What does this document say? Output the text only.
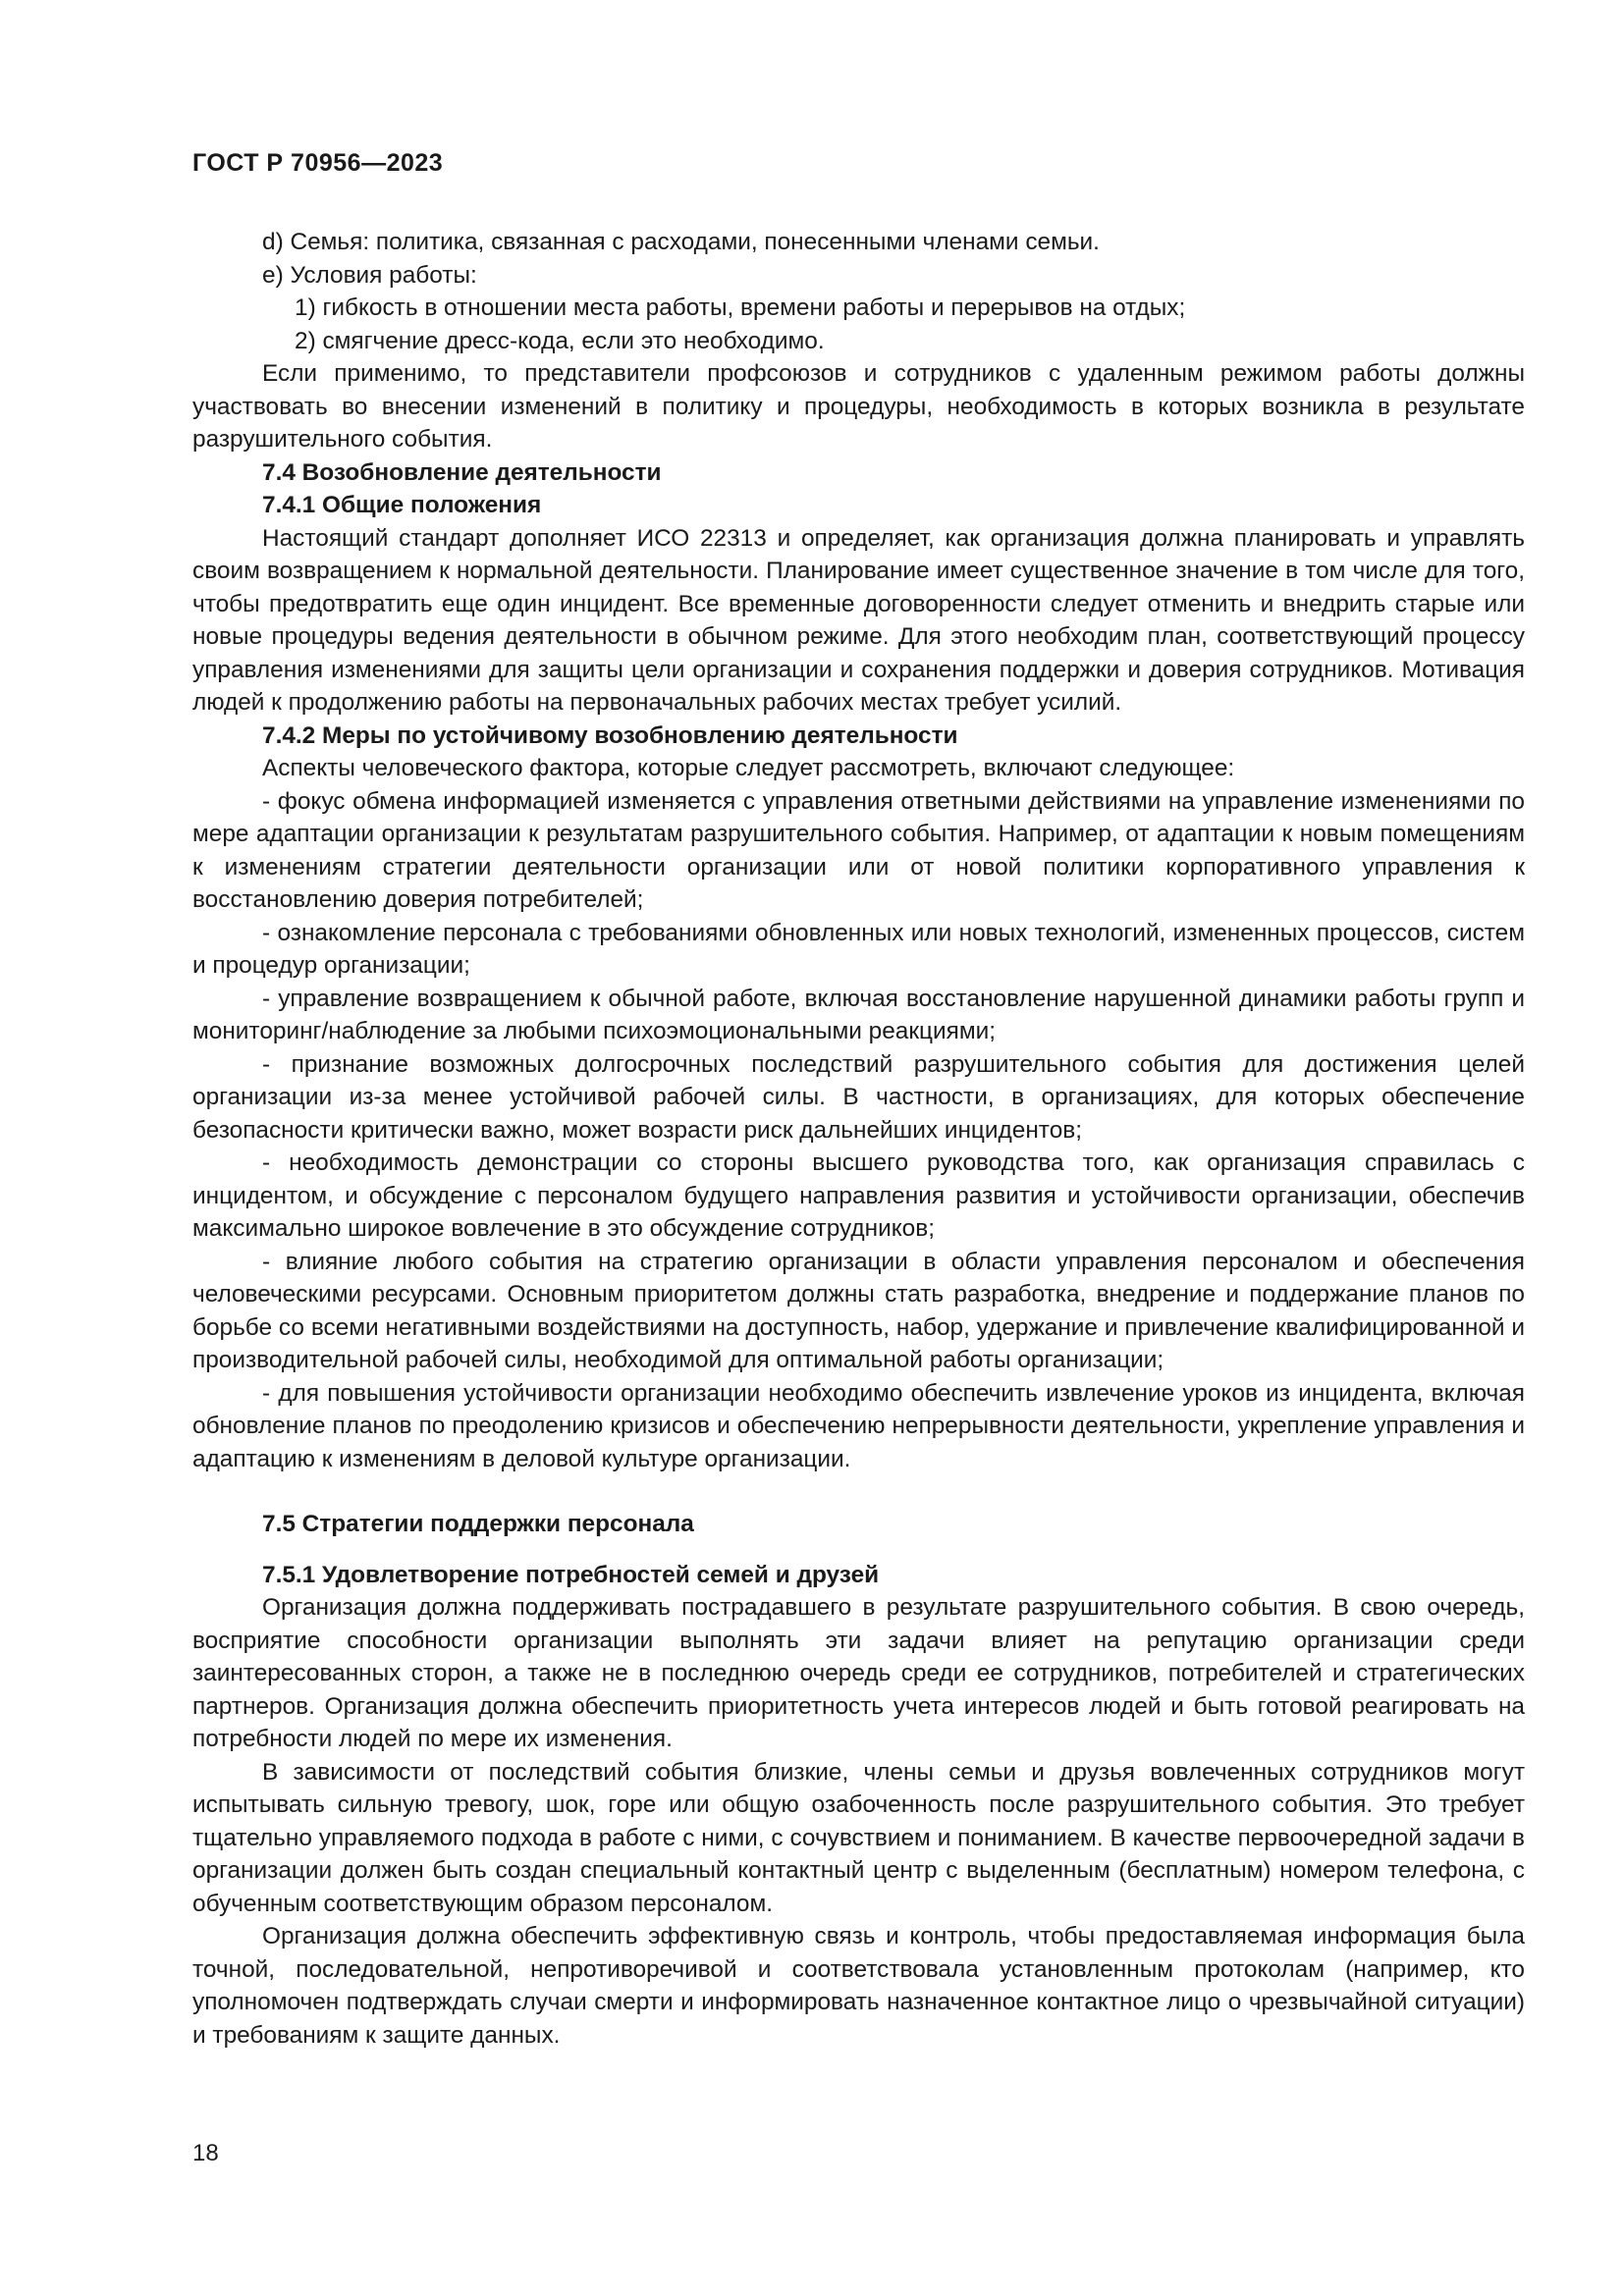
ГОСТ Р 70956—2023

d) Семья: политика, связанная с расходами, понесенными членами семьи.

e) Условия работы:

1) гибкость в отношении места работы, времени работы и перерывов на отдых;

2) смягчение дресс-кода, если это необходимо.

Если применимо, то представители профсоюзов и сотрудников с удаленным режимом работы должны участвовать во внесении изменений в политику и процедуры, необходимость в которых возникла в результате разрушительного события.

7.4 Возобновление деятельности

7.4.1 Общие положения

Настоящий стандарт дополняет ИСО 22313 и определяет, как организация должна планировать и управлять своим возвращением к нормальной деятельности. Планирование имеет существенное значение в том числе для того, чтобы предотвратить еще один инцидент. Все временные договоренности следует отменить и внедрить старые или новые процедуры ведения деятельности в обычном режиме. Для этого необходим план, соответствующий процессу управления изменениями для защиты цели организации и сохранения поддержки и доверия сотрудников. Мотивация людей к продолжению работы на первоначальных рабочих местах требует усилий.

7.4.2 Меры по устойчивому возобновлению деятельности

Аспекты человеческого фактора, которые следует рассмотреть, включают следующее:

- фокус обмена информацией изменяется с управления ответными действиями на управление изменениями по мере адаптации организации к результатам разрушительного события. Например, от адаптации к новым помещениям к изменениям стратегии деятельности организации или от новой политики корпоративного управления к восстановлению доверия потребителей;

- ознакомление персонала с требованиями обновленных или новых технологий, измененных процессов, систем и процедур организации;

- управление возвращением к обычной работе, включая восстановление нарушенной динамики работы групп и мониторинг/наблюдение за любыми психоэмоциональными реакциями;

- признание возможных долгосрочных последствий разрушительного события для достижения целей организации из-за менее устойчивой рабочей силы. В частности, в организациях, для которых обеспечение безопасности критически важно, может возрасти риск дальнейших инцидентов;

- необходимость демонстрации со стороны высшего руководства того, как организация справилась с инцидентом, и обсуждение с персоналом будущего направления развития и устойчивости организации, обеспечив максимально широкое вовлечение в это обсуждение сотрудников;

- влияние любого события на стратегию организации в области управления персоналом и обеспечения человеческими ресурсами. Основным приоритетом должны стать разработка, внедрение и поддержание планов по борьбе со всеми негативными воздействиями на доступность, набор, удержание и привлечение квалифицированной и производительной рабочей силы, необходимой для оптимальной работы организации;

- для повышения устойчивости организации необходимо обеспечить извлечение уроков из инцидента, включая обновление планов по преодолению кризисов и обеспечению непрерывности деятельности, укрепление управления и адаптацию к изменениям в деловой культуре организации.

7.5 Стратегии поддержки персонала

7.5.1 Удовлетворение потребностей семей и друзей

Организация должна поддерживать пострадавшего в результате разрушительного события. В свою очередь, восприятие способности организации выполнять эти задачи влияет на репутацию организации среди заинтересованных сторон, а также не в последнюю очередь среди ее сотрудников, потребителей и стратегических партнеров. Организация должна обеспечить приоритетность учета интересов людей и быть готовой реагировать на потребности людей по мере их изменения.

В зависимости от последствий события близкие, члены семьи и друзья вовлеченных сотрудников могут испытывать сильную тревогу, шок, горе или общую озабоченность после разрушительного события. Это требует тщательно управляемого подхода в работе с ними, с сочувствием и пониманием. В качестве первоочередной задачи в организации должен быть создан специальный контактный центр с выделенным (бесплатным) номером телефона, с обученным соответствующим образом персоналом.

Организация должна обеспечить эффективную связь и контроль, чтобы предоставляемая информация была точной, последовательной, непротиворечивой и соответствовала установленным протоколам (например, кто уполномочен подтверждать случаи смерти и информировать назначенное контактное лицо о чрезвычайной ситуации) и требованиям к защите данных.

18
